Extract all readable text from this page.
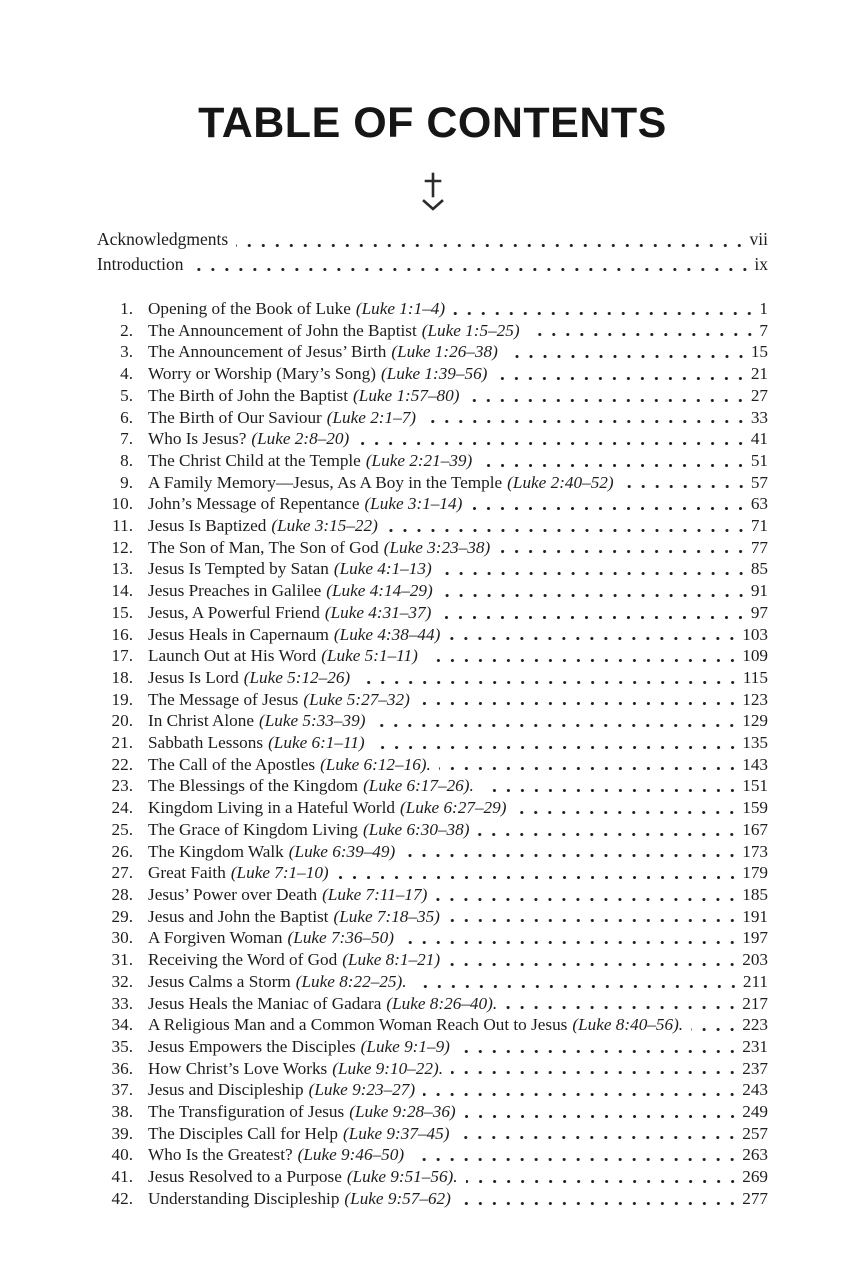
TABLE OF CONTENTS
Acknowledgments	vii
Introduction	ix
1. Opening of the Book of Luke (Luke 1:1–4)	1
2. The Announcement of John the Baptist (Luke 1:5–25)	7
3. The Announcement of Jesus’ Birth (Luke 1:26–38)	15
4. Worry or Worship (Mary’s Song) (Luke 1:39–56)	21
5. The Birth of John the Baptist (Luke 1:57–80)	27
6. The Birth of Our Saviour (Luke 2:1–7)	33
7. Who Is Jesus? (Luke 2:8–20)	41
8. The Christ Child at the Temple (Luke 2:21–39)	51
9. A Family Memory—Jesus, As A Boy in the Temple (Luke 2:40–52)	57
10. John’s Message of Repentance (Luke 3:1–14)	63
11. Jesus Is Baptized (Luke 3:15–22)	71
12. The Son of Man, The Son of God (Luke 3:23–38)	77
13. Jesus Is Tempted by Satan (Luke 4:1–13)	85
14. Jesus Preaches in Galilee (Luke 4:14–29)	91
15. Jesus, A Powerful Friend (Luke 4:31–37)	97
16. Jesus Heals in Capernaum (Luke 4:38–44)	103
17. Launch Out at His Word (Luke 5:1–11)	109
18. Jesus Is Lord (Luke 5:12–26)	115
19. The Message of Jesus (Luke 5:27–32)	123
20. In Christ Alone (Luke 5:33–39)	129
21. Sabbath Lessons (Luke 6:1–11)	135
22. The Call of the Apostles (Luke 6:12–16).	143
23. The Blessings of the Kingdom (Luke 6:17–26).	151
24. Kingdom Living in a Hateful World (Luke 6:27–29)	159
25. The Grace of Kingdom Living (Luke 6:30–38)	167
26. The Kingdom Walk (Luke 6:39–49)	173
27. Great Faith (Luke 7:1–10)	179
28. Jesus’ Power over Death (Luke 7:11–17)	185
29. Jesus and John the Baptist (Luke 7:18–35)	191
30. A Forgiven Woman (Luke 7:36–50)	197
31. Receiving the Word of God (Luke 8:1–21)	203
32. Jesus Calms a Storm (Luke 8:22–25).	211
33. Jesus Heals the Maniac of Gadara (Luke 8:26–40).	217
34. A Religious Man and a Common Woman Reach Out to Jesus (Luke 8:40–56).	223
35. Jesus Empowers the Disciples (Luke 9:1–9)	231
36. How Christ’s Love Works (Luke 9:10–22).	237
37. Jesus and Discipleship (Luke 9:23–27)	243
38. The Transfiguration of Jesus (Luke 9:28–36)	249
39. The Disciples Call for Help (Luke 9:37–45)	257
40. Who Is the Greatest? (Luke 9:46–50)	263
41. Jesus Resolved to a Purpose (Luke 9:51–56).	269
42. Understanding Discipleship (Luke 9:57–62)	277
